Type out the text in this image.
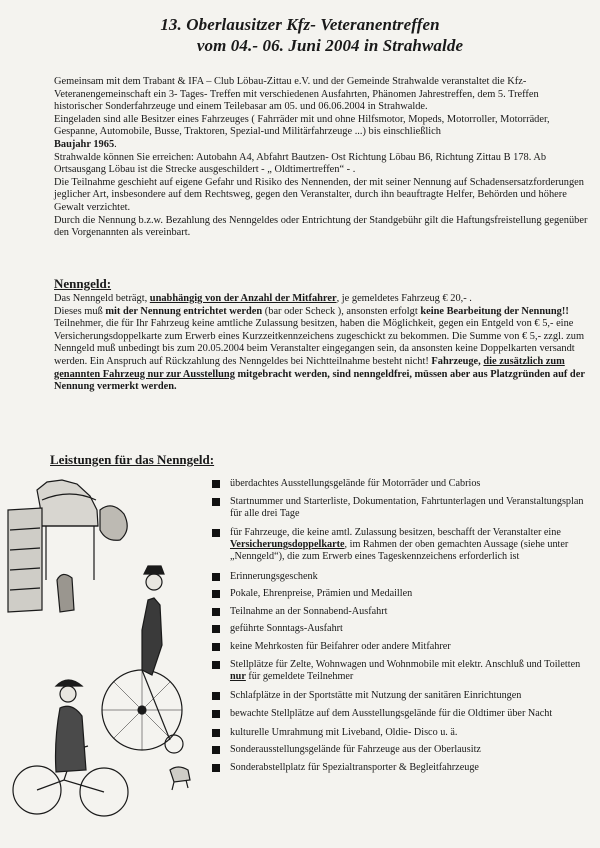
13. Oberlausitzer Kfz- Veteranentreffen
vom 04.- 06. Juni 2004 in Strahwalde

Gemeinsam mit dem Trabant & IFA – Club Löbau-Zittau e.V. und der Gemeinde Strahwalde veranstaltet die Kfz- Veteranengemeinschaft ein 3- Tages- Treffen mit verschiedenen Ausfahrten, Phänomen Jahrestreffen, dem 5. Treffen historischer Sonderfahrzeuge und einem Teilebasar am 05. und 06.06.2004 in Strahwalde.

Eingeladen sind alle Besitzer eines Fahrzeuges ( Fahrräder mit und ohne Hilfsmotor, Mopeds, Motorroller, Motorräder, Gespanne, Automobile, Busse, Traktoren, Spezial-und Militärfahrzeuge ...) bis einschließlich
Baujahr 1965.

Strahwalde können Sie erreichen: Autobahn A4, Abfahrt Bautzen- Ost Richtung Löbau B6, Richtung Zittau B 178. Ab Ortsausgang Löbau ist die Strecke ausgeschildert - „ Oldtimertreffen“ - .

Die Teilnahme geschieht auf eigene Gefahr und Risiko des Nennenden, der mit seiner Nennung auf Schadensersatzforderungen jeglicher Art, insbesondere auf dem Rechtsweg, gegen den Veranstalter, durch ihn beauftragte Helfer, Behörden und höhere Gewalt verzichtet.

Durch die Nennung b.z.w. Bezahlung des Nenngeldes oder Entrichtung der Standgebühr gilt die Haftungsfreistellung gegenüber den Vorgenannten als vereinbart.

Nenngeld:

Das Nenngeld beträgt, unabhängig von der Anzahl der Mitfahrer, je gemeldetes Fahrzeug € 20,- .
Dieses muß mit der Nennung entrichtet werden (bar oder Scheck ), ansonsten erfolgt keine Bearbeitung der Nennung!! Teilnehmer, die für Ihr Fahrzeug keine amtliche Zulassung besitzen, haben die Möglichkeit, gegen ein Entgeld von € 5,- eine Versicherungsdoppelkarte zum Erwerb eines Kurzzeitkennzeichens zugeschickt zu bekommen. Die Summe von € 5,- zzgl. zum Nenngeld muß unbedingt bis zum 20.05.2004 beim Veranstalter eingegangen sein, da ansonsten keine Doppelkarten versandt werden. Ein Anspruch auf Rückzahlung des Nenngeldes bei Nichtteilnahme besteht nicht! Fahrzeuge, die zusätzlich zum genannten Fahrzeug nur zur Ausstellung mitgebracht werden, sind nenngeldfrei, müssen aber aus Platzgründen auf der Nennung vermerkt werden.

Leistungen für das Nenngeld:
überdachtes Ausstellungsgelände für Motorräder und Cabrios
Startnummer und Starterliste, Dokumentation, Fahrtunterlagen und Veranstaltungsplan für alle drei Tage
für Fahrzeuge, die keine amtl. Zulassung besitzen, beschafft der Veranstalter eine Versicherungsdoppelkarte, im Rahmen der oben gemachten Aussage (siehe unter „Nenngeld“), die zum Erwerb eines Tageskennzeichens erforderlich ist
Erinnerungsgeschenk
Pokale, Ehrenpreise, Prämien und Medaillen
Teilnahme an der Sonnabend-Ausfahrt
geführte Sonntags-Ausfahrt
keine Mehrkosten für Beifahrer oder andere Mitfahrer
Stellplätze für Zelte, Wohnwagen und Wohnmobile mit elektr. Anschluß und Toiletten nur für gemeldete Teilnehmer
Schlafplätze in der Sportstätte mit Nutzung der sanitären Einrichtungen
bewachte Stellplätze auf dem Ausstellungsgelände für die Oldtimer über Nacht
kulturelle Umrahmung mit Liveband, Oldie- Disco u. ä.
Sonderausstellungsgelände für Fahrzeuge aus der Oberlausitz
Sonderabstellplatz für Spezialtransporter & Begleitfahrzeuge
